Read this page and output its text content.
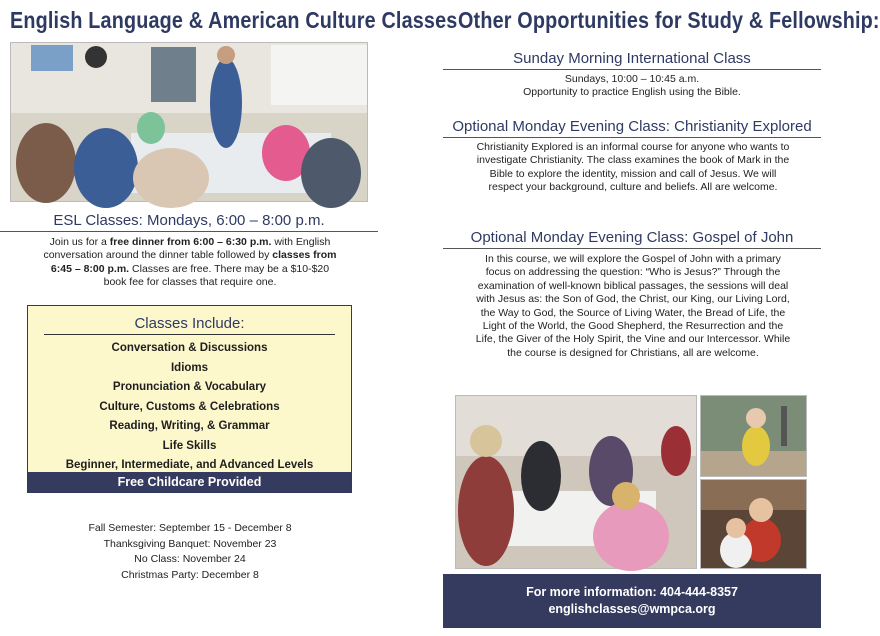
English Language & American Culture Classes
ESL Classes: Mondays, 6:00 – 8:00 p.m.
Join us for a free dinner from 6:00 – 6:30 p.m. with English conversation around the dinner table followed by classes from 6:45 – 8:00 p.m. Classes are free. There may be a $10-$20 book fee for classes that require one.
Classes Include:
Conversation & Discussions
Idioms
Pronunciation & Vocabulary
Culture, Customs & Celebrations
Reading, Writing, & Grammar
Life Skills
Beginner, Intermediate, and Advanced Levels
Free Childcare Provided
Fall Semester: September 15 - December 8
Thanksgiving Banquet: November 23
No Class: November 24
Christmas Party: December 8
Other Opportunities for Study & Fellowship:
Sunday Morning International Class
Sundays, 10:00 – 10:45 a.m.
Opportunity to practice English using the Bible.
Optional Monday Evening Class: Christianity Explored
Christianity Explored is an informal course for anyone who wants to investigate Christianity. The class examines the book of Mark in the Bible to explore the identity, mission and call of Jesus. We will respect your background, culture and beliefs. All are welcome.
Optional Monday Evening Class: Gospel of John
In this course, we will explore the Gospel of John with a primary focus on addressing the question: “Who is Jesus?” Through the examination of well-known biblical passages, the sessions will deal with Jesus as: the Son of God, the Christ, our King, our Living Lord, the Way to God, the Source of Living Water, the Bread of Life, the Light of the World, the Good Shepherd, the Resurrection and the Life, the Giver of the Holy Spirit, the Vine and our Intercessor. While the course is designed for Christians, all are welcome.
For more information: 404-444-8357
englishclasses@wmpca.org
